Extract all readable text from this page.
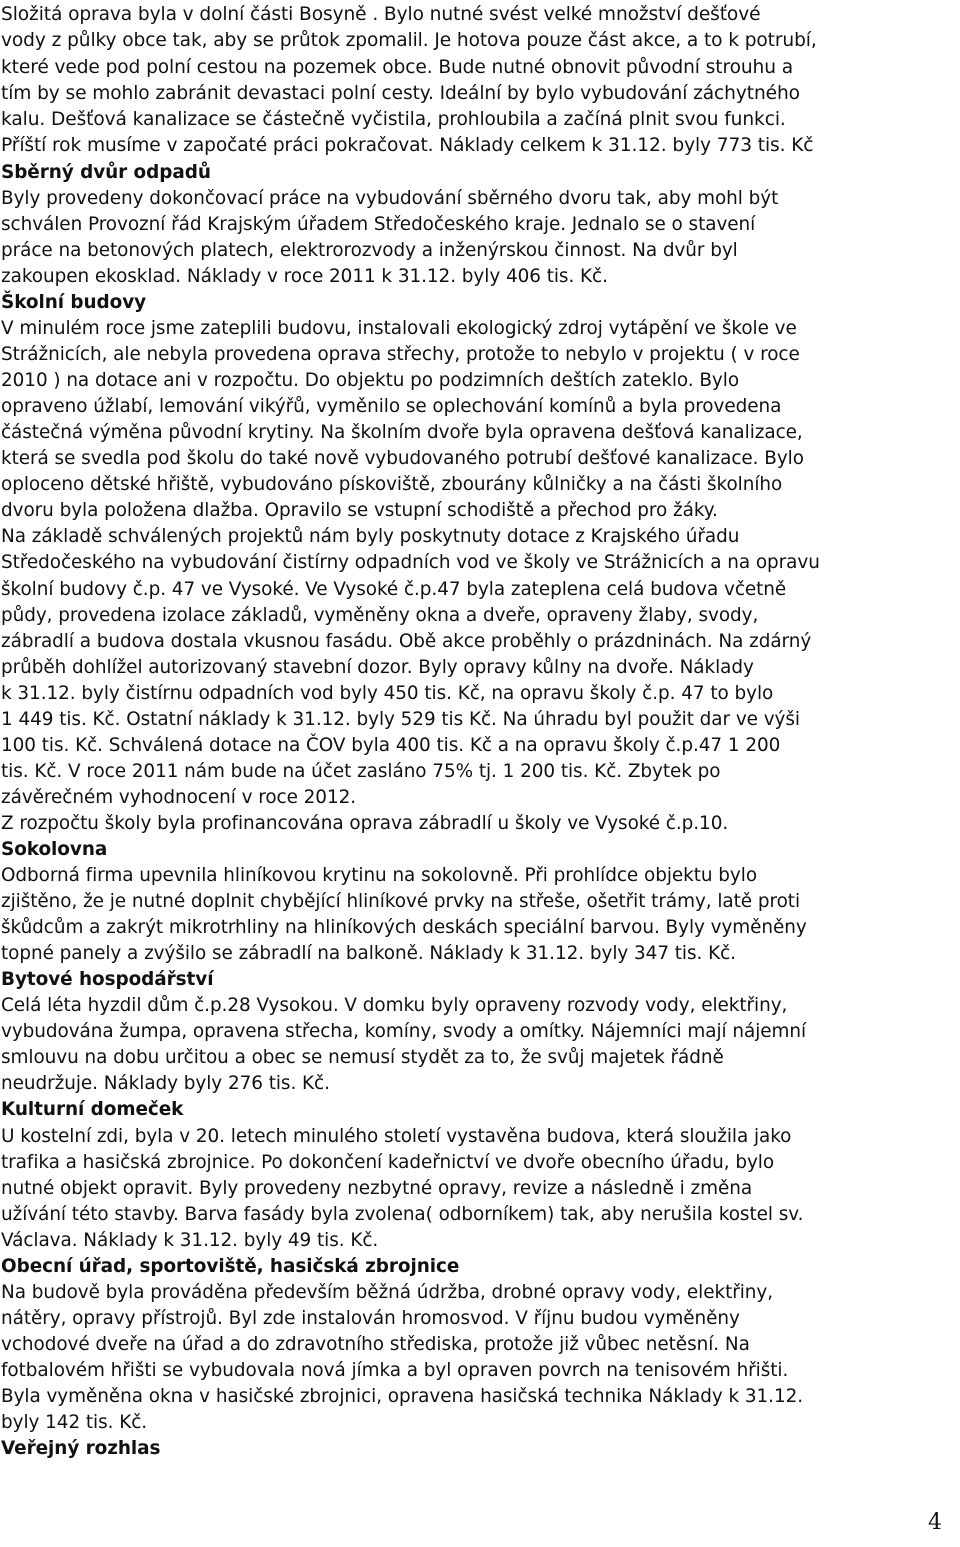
Složitá oprava byla v dolní části Bosyně . Bylo nutné svést velké množství dešťové
vody z půlky obce tak, aby se průtok zpomalil. Je hotova pouze část akce, a to k potrubí,
které vede pod polní cestou na pozemek obce. Bude nutné obnovit původní strouhu a
tím by se mohlo zabránit devastaci polní cesty. Ideální by bylo vybudování záchytného
kalu. Dešťová kanalizace se částečně vyčistila, prohloubila a začíná plnit svou funkci.
Příští rok musíme v započaté práci pokračovat. Náklady celkem k 31.12. byly 773 tis. Kč
Sběrný dvůr odpadů
Byly provedeny dokončovací práce na vybudování sběrného dvoru tak, aby mohl být
schválen Provozní řád Krajským úřadem Středočeského kraje. Jednalo se o stavení
práce na betonových platech, elektrorozvody a inženýrskou činnost. Na dvůr byl
zakoupen ekosklad. Náklady v roce 2011 k 31.12. byly 406 tis. Kč.
Školní budovy
V minulém roce jsme zateplili budovu, instalovali ekologický zdroj vytápění ve škole ve
Strážnicích, ale nebyla provedena oprava střechy, protože to nebylo v projektu ( v roce
2010 ) na dotace ani v rozpočtu. Do objektu po podzimních deštích zateklo. Bylo
opraveno úžlabí, lemování vikýřů, vyměnilo se oplechování komínů a byla provedena
částečná výměna původní krytiny. Na školním dvoře byla opravena dešťová kanalizace,
která se svedla pod školu do také nově vybudovaného potrubí dešťové kanalizace. Bylo
oploceno dětské hřiště, vybudováno pískoviště, zbourány kůlničky a na části školního
dvoru byla položena dlažba. Opravilo se vstupní schodiště a přechod pro žáky.
Na základě schválených projektů nám byly poskytnuty dotace z Krajského úřadu
Středočeského na vybudování čistírny odpadních vod ve školy ve Strážnicích a na opravu
školní budovy č.p. 47 ve Vysoké. Ve Vysoké č.p.47 byla zateplena celá budova včetně
půdy, provedena izolace základů, vyměněny okna a dveře, opraveny žlaby, svody,
zábradlí a budova dostala vkusnou fasádu. Obě akce proběhly o prázdninách. Na zdárný
průběh dohlížel autorizovaný stavební dozor. Byly opravy kůlny na dvoře. Náklady
k 31.12. byly čistírnu odpadních vod byly 450 tis. Kč, na opravu školy č.p. 47 to bylo
1 449 tis. Kč. Ostatní náklady k 31.12. byly 529 tis Kč. Na úhradu byl použit dar ve výši
100 tis. Kč. Schválená dotace na ČOV byla 400 tis. Kč a na opravu školy č.p.47 1 200
tis. Kč. V roce 2011 nám bude na účet zasláno 75% tj. 1 200 tis. Kč. Zbytek po
závěrečném vyhodnocení v roce 2012.
Z rozpočtu školy byla profinancována oprava zábradlí u školy ve Vysoké č.p.10.
Sokolovna
Odborná firma upevnila hliníkovou krytinu na sokolovně. Při prohlídce objektu bylo
zjištěno, že je nutné doplnit chybějící hliníkové prvky na střeše, ošetřit trámy, latě proti
škůdcům a zakrýt mikrotrhliny na hliníkových deskách speciální barvou. Byly vyměněny
topné panely a zvýšilo se zábradlí na balkoně. Náklady k 31.12. byly 347 tis. Kč.
Bytové hospodářství
Celá léta hyzdil dům č.p.28 Vysokou. V domku byly opraveny rozvody vody, elektřiny,
vybudována žumpa, opravena střecha, komíny, svody a omítky. Nájemníci mají nájemní
smlouvu na dobu určitou a obec se nemusí stydět za to, že svůj majetek řádně
neudržuje. Náklady byly 276 tis. Kč.
Kulturní domeček
U kostelní zdi, byla v 20. letech minulého století vystavěna budova, která sloužila jako
trafika a hasičská zbrojnice. Po dokončení kadeřnictví ve dvoře obecního úřadu, bylo
nutné objekt opravit. Byly provedeny nezbytné opravy, revize a následně i změna
užívání této stavby. Barva fasády byla zvolena( odborníkem) tak, aby nerušila kostel sv.
Václava. Náklady k 31.12. byly 49 tis. Kč.
Obecní úřad, sportoviště, hasičská zbrojnice
Na budově byla prováděna především běžná údržba, drobné opravy vody, elektřiny,
nátěry, opravy přístrojů. Byl zde instalován hromosvod. V říjnu budou vyměněny
vchodové dveře na úřad a do zdravotního střediska, protože již vůbec netěsní. Na
fotbalovém hřišti se vybudovala nová jímka a byl opraven povrch na tenisovém hřišti.
Byla vyměněna okna v hasičské zbrojnici, opravena hasičská technika Náklady k 31.12.
byly 142 tis. Kč.
Veřejný rozhlas
4
